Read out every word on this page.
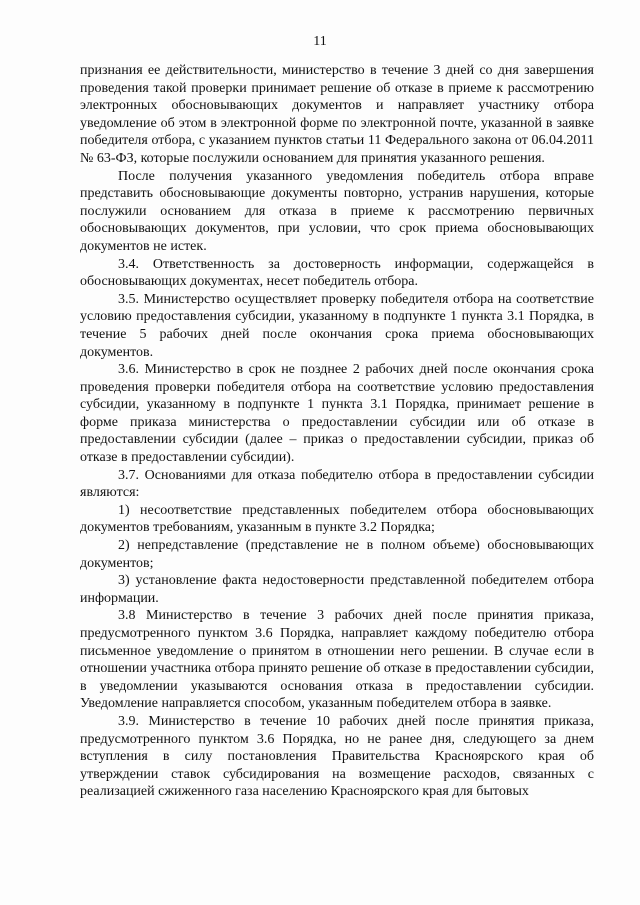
11

признания ее действительности, министерство в течение 3 дней со дня завершения проведения такой проверки принимает решение об отказе в приеме к рассмотрению электронных обосновывающих документов и направляет участнику отбора уведомление об этом в электронной форме по электронной почте, указанной в заявке победителя отбора, с указанием пунктов статьи 11 Федерального закона от 06.04.2011 № 63-ФЗ, которые послужили основанием для принятия указанного решения.

После получения указанного уведомления победитель отбора вправе представить обосновывающие документы повторно, устранив нарушения, которые послужили основанием для отказа в приеме к рассмотрению первичных обосновывающих документов, при условии, что срок приема обосновывающих документов не истек.

3.4. Ответственность за достоверность информации, содержащейся в обосновывающих документах, несет победитель отбора.

3.5. Министерство осуществляет проверку победителя отбора на соответствие условию предоставления субсидии, указанному в подпункте 1 пункта 3.1 Порядка, в течение 5 рабочих дней после окончания срока приема обосновывающих документов.

3.6. Министерство в срок не позднее 2 рабочих дней после окончания срока проведения проверки победителя отбора на соответствие условию предоставления субсидии, указанному в подпункте 1 пункта 3.1 Порядка, принимает решение в форме приказа министерства о предоставлении субсидии или об отказе в предоставлении субсидии (далее – приказ о предоставлении субсидии, приказ об отказе в предоставлении субсидии).

3.7. Основаниями для отказа победителю отбора в предоставлении субсидии являются:

1) несоответствие представленных победителем отбора обосновывающих документов требованиям, указанным в пункте 3.2 Порядка;

2) непредставление (представление не в полном объеме) обосновывающих документов;

3) установление факта недостоверности представленной победителем отбора информации.

3.8 Министерство в течение 3 рабочих дней после принятия приказа, предусмотренного пунктом 3.6 Порядка, направляет каждому победителю отбора письменное уведомление о принятом в отношении него решении. В случае если в отношении участника отбора принято решение об отказе в предоставлении субсидии, в уведомлении указываются основания отказа в предоставлении субсидии. Уведомление направляется способом, указанным победителем отбора в заявке.

3.9. Министерство в течение 10 рабочих дней после принятия приказа, предусмотренного пунктом 3.6 Порядка, но не ранее дня, следующего за днем вступления в силу постановления Правительства Красноярского края об утверждении ставок субсидирования на возмещение расходов, связанных с реализацией сжиженного газа населению Красноярского края для бытовых
